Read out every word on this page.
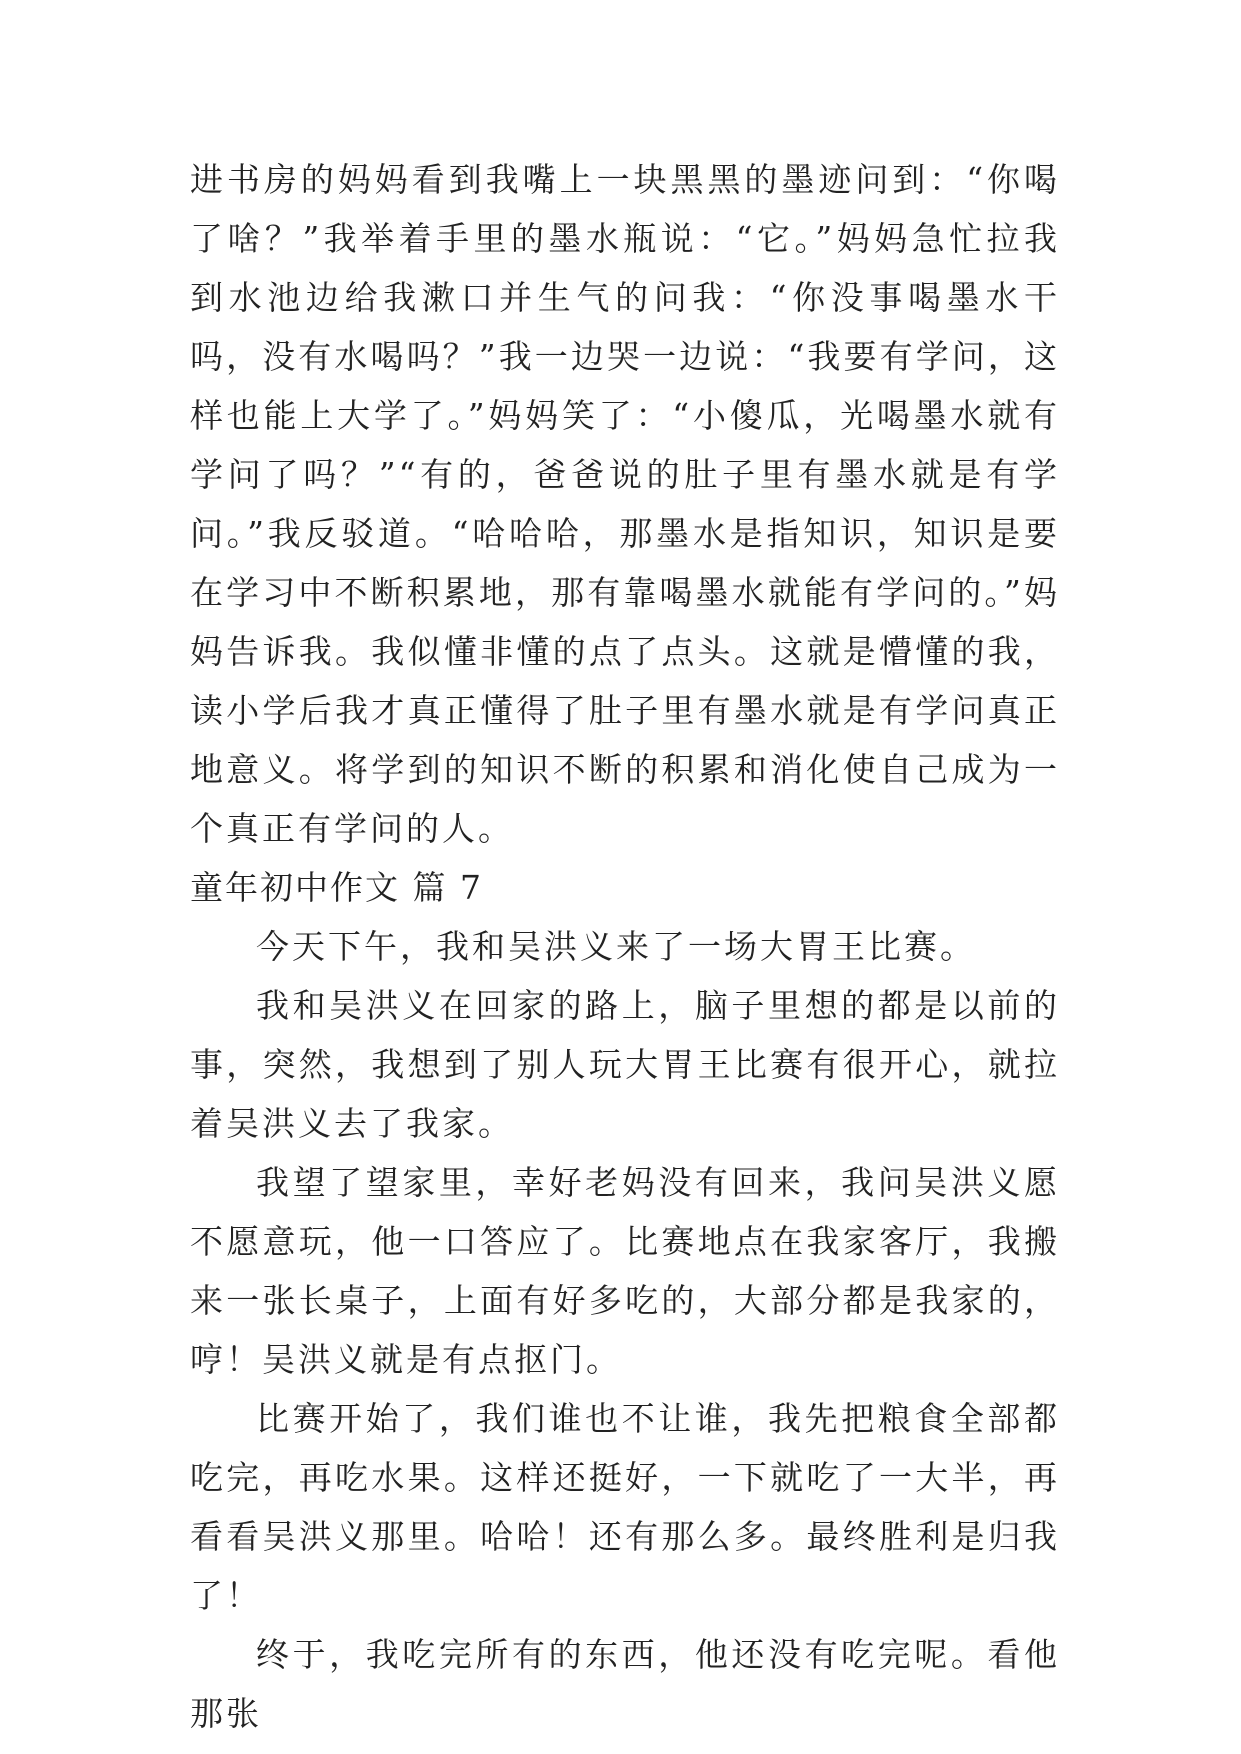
进书房的妈妈看到我嘴上一块黑黑的墨迹问到：“你喝了啥？”我举着手里的墨水瓶说：“它。”妈妈急忙拉我到水池边给我漱口并生气的问我：“你没事喝墨水干吗，没有水喝吗？”我一边哭一边说：“我要有学问，这样也能上大学了。”妈妈笑了：“小傻瓜，光喝墨水就有学问了吗？”“有的，爸爸说的肚子里有墨水就是有学问。”我反驳道。“哈哈哈，那墨水是指知识，知识是要在学习中不断积累地，那有靠喝墨水就能有学问的。”妈妈告诉我。我似懂非懂的点了点头。这就是懵懂的我，读小学后我才真正懂得了肚子里有墨水就是有学问真正地意义。将学到的知识不断的积累和消化使自己成为一个真正有学问的人。

童年初中作文 篇 7

今天下午，我和吴洪义来了一场大胃王比赛。

我和吴洪义在回家的路上，脑子里想的都是以前的事，突然，我想到了别人玩大胃王比赛有很开心，就拉着吴洪义去了我家。

我望了望家里，幸好老妈没有回来，我问吴洪义愿不愿意玩，他一口答应了。比赛地点在我家客厅，我搬来一张长桌子，上面有好多吃的，大部分都是我家的，哼！吴洪义就是有点抠门。

比赛开始了，我们谁也不让谁，我先把粮食全部都吃完，再吃水果。这样还挺好，一下就吃了一大半，再看看吴洪义那里。哈哈！还有那么多。最终胜利是归我了！

终于，我吃完所有的东西，他还没有吃完呢。看他那张
